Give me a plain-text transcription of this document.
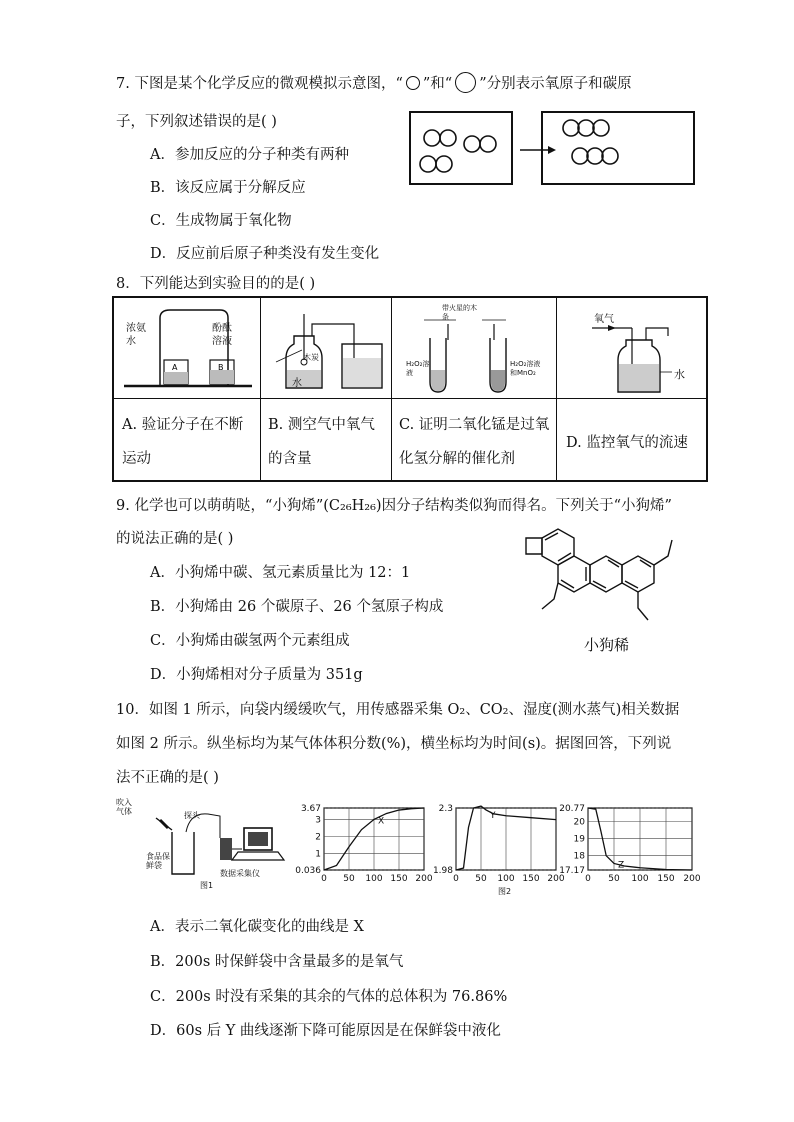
7. 下图是某个化学反应的微观模拟示意图，“ ”和“ ”分别表示氧原子和碳原
子，下列叙述错误的是( )
A．参加反应的分子种类有两种
B．该反应属于分解反应
C．生成物属于氧化物
D．反应前后原子种类没有发生变化
8．下列能达到实验目的的是( )
A	B
浓氨水
酚酞溶液
木炭
水
带火星的木条
H₂O₂溶液
H₂O₂溶液和MnO₂
氧气
水
A. 验证分子在不断运动
B. 测空气中氧气的含量
C. 证明二氧化锰是过氧化氢分解的催化剂
D. 监控氧气的流速
9. 化学也可以萌萌哒，“小狗烯”(C₂₆H₂₆)因分子结构类似狗而得名。下列关于“小狗烯”
的说法正确的是( )
A．小狗烯中碳、氢元素质量比为 12：1
B．小狗烯由 26 个碳原子、26 个氢原子构成
C．小狗烯由碳氢两个元素组成
D．小狗烯相对分子质量为 351g
小狗稀
10．如图 1 所示，向袋内缓缓吹气，用传感器采集 O₂、CO₂、湿度(测水蒸气)相关数据
如图 2 所示。纵坐标均为某气体体积分数(%)，横坐标均为时间(s)。据图回答，下列说
法不正确的是( )
吹入气体	探头
食品保鲜袋
数据采集仪
图1
0 50 100 150 200
3.67
3
2
1
0.036
X
0 50 100 150 200
2.3
1.98
Y
0 50 100 150 200
20.77
20
19
18
17.17
Z
图2
A．表示二氧化碳变化的曲线是 X
B．200s 时保鲜袋中含量最多的是氧气
C．200s 时没有采集的其余的气体的总体积为 76.86%
D．60s 后 Y 曲线逐渐下降可能原因是在保鲜袋中液化
